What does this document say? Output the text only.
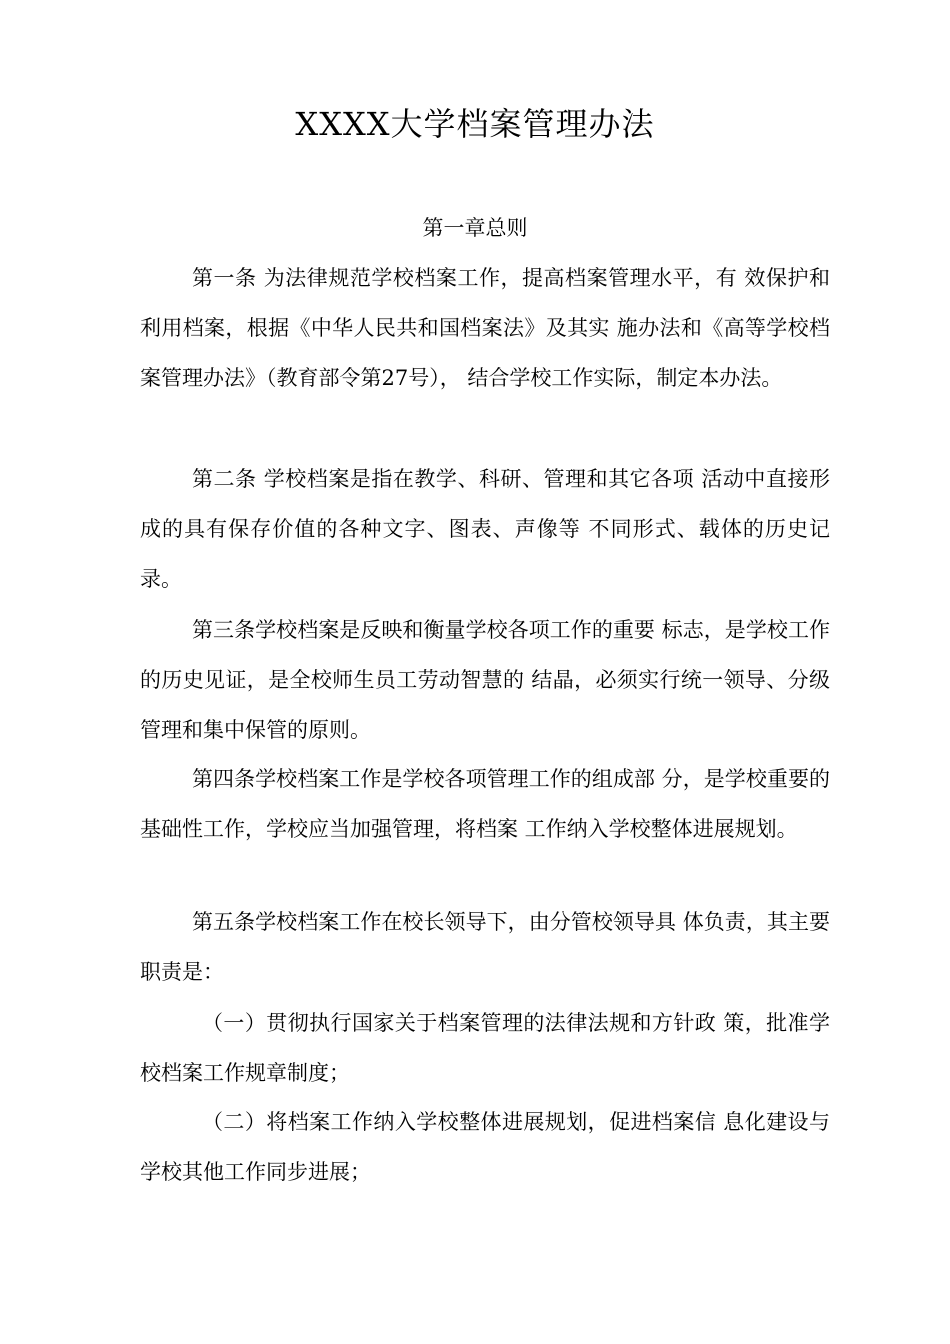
XXXX大学档案管理办法
第一章总则

第一条 为法律规范学校档案工作，提高档案管理水平，有 效保护和利用档案，根据《中华人民共和国档案法》及其实 施办法和《高等学校档案管理办法》（教育部令第27号）， 结合学校工作实际，制定本办法。

第二条 学校档案是指在教学、科研、管理和其它各项 活动中直接形成的具有保存价值的各种文字、图表、声像等 不同形式、载体的历史记录。

第三条学校档案是反映和衡量学校各项工作的重要 标志，是学校工作的历史见证，是全校师生员工劳动智慧的 结晶，必须实行统一领导、分级管理和集中保管的原则。

第四条学校档案工作是学校各项管理工作的组成部 分，是学校重要的基础性工作，学校应当加强管理，将档案 工作纳入学校整体进展规划。

第五条学校档案工作在校长领导下，由分管校领导具 体负责，其主要职责是：

（一）贯彻执行国家关于档案管理的法律法规和方针政 策，批准学校档案工作规章制度；

（二）将档案工作纳入学校整体进展规划，促进档案信 息化建设与学校其他工作同步进展；
